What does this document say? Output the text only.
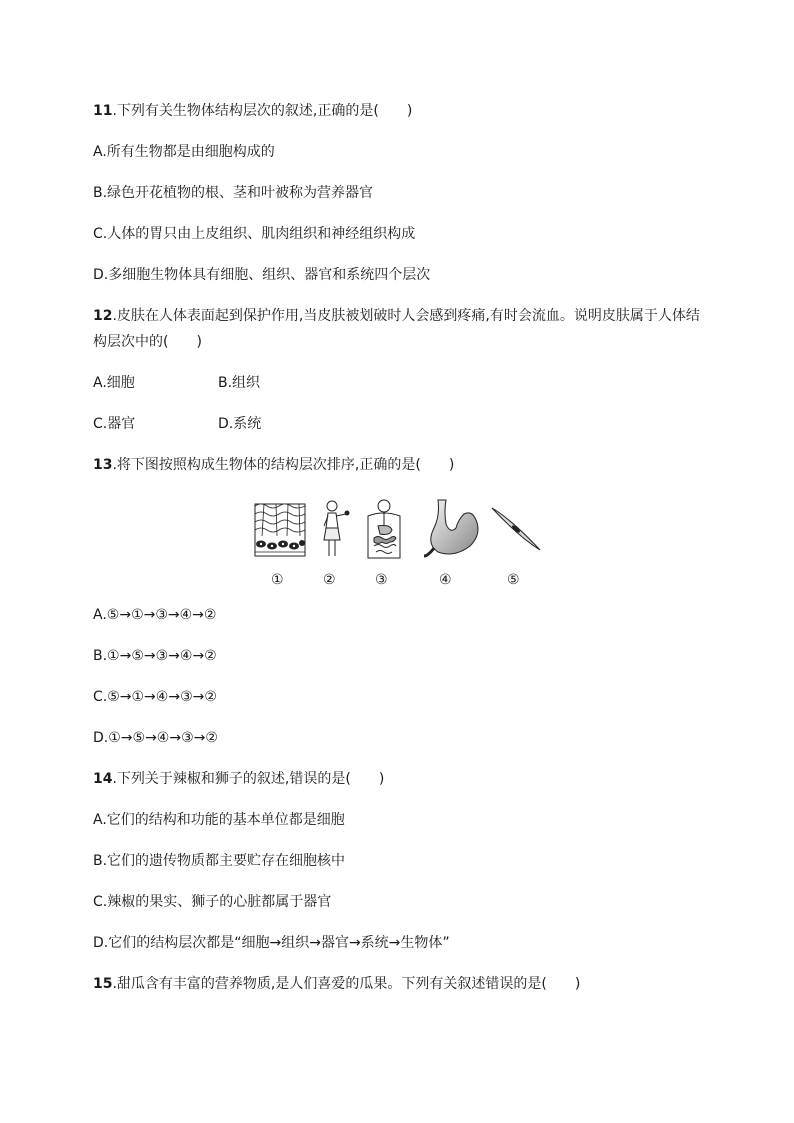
11.下列有关生物体结构层次的叙述,正确的是(　　)
A.所有生物都是由细胞构成的
B.绿色开花植物的根、茎和叶被称为营养器官
C.人体的胃只由上皮组织、肌肉组织和神经组织构成
D.多细胞生物体具有细胞、组织、器官和系统四个层次
12.皮肤在人体表面起到保护作用,当皮肤被划破时人会感到疼痛,有时会流血。说明皮肤属于人体结
构层次中的(　　)
A.细胞	B.组织
C.器官	D.系统
13.将下图按照构成生物体的结构层次排序,正确的是(　　)
①	②	③	④	⑤
A.⑤→①→③→④→②
B.①→⑤→③→④→②
C.⑤→①→④→③→②
D.①→⑤→④→③→②
14.下列关于辣椒和狮子的叙述,错误的是(　　)
A.它们的结构和功能的基本单位都是细胞
B.它们的遗传物质都主要贮存在细胞核中
C.辣椒的果实、狮子的心脏都属于器官
D.它们的结构层次都是“细胞→组织→器官→系统→生物体”
15.甜瓜含有丰富的营养物质,是人们喜爱的瓜果。下列有关叙述错误的是(　　)
